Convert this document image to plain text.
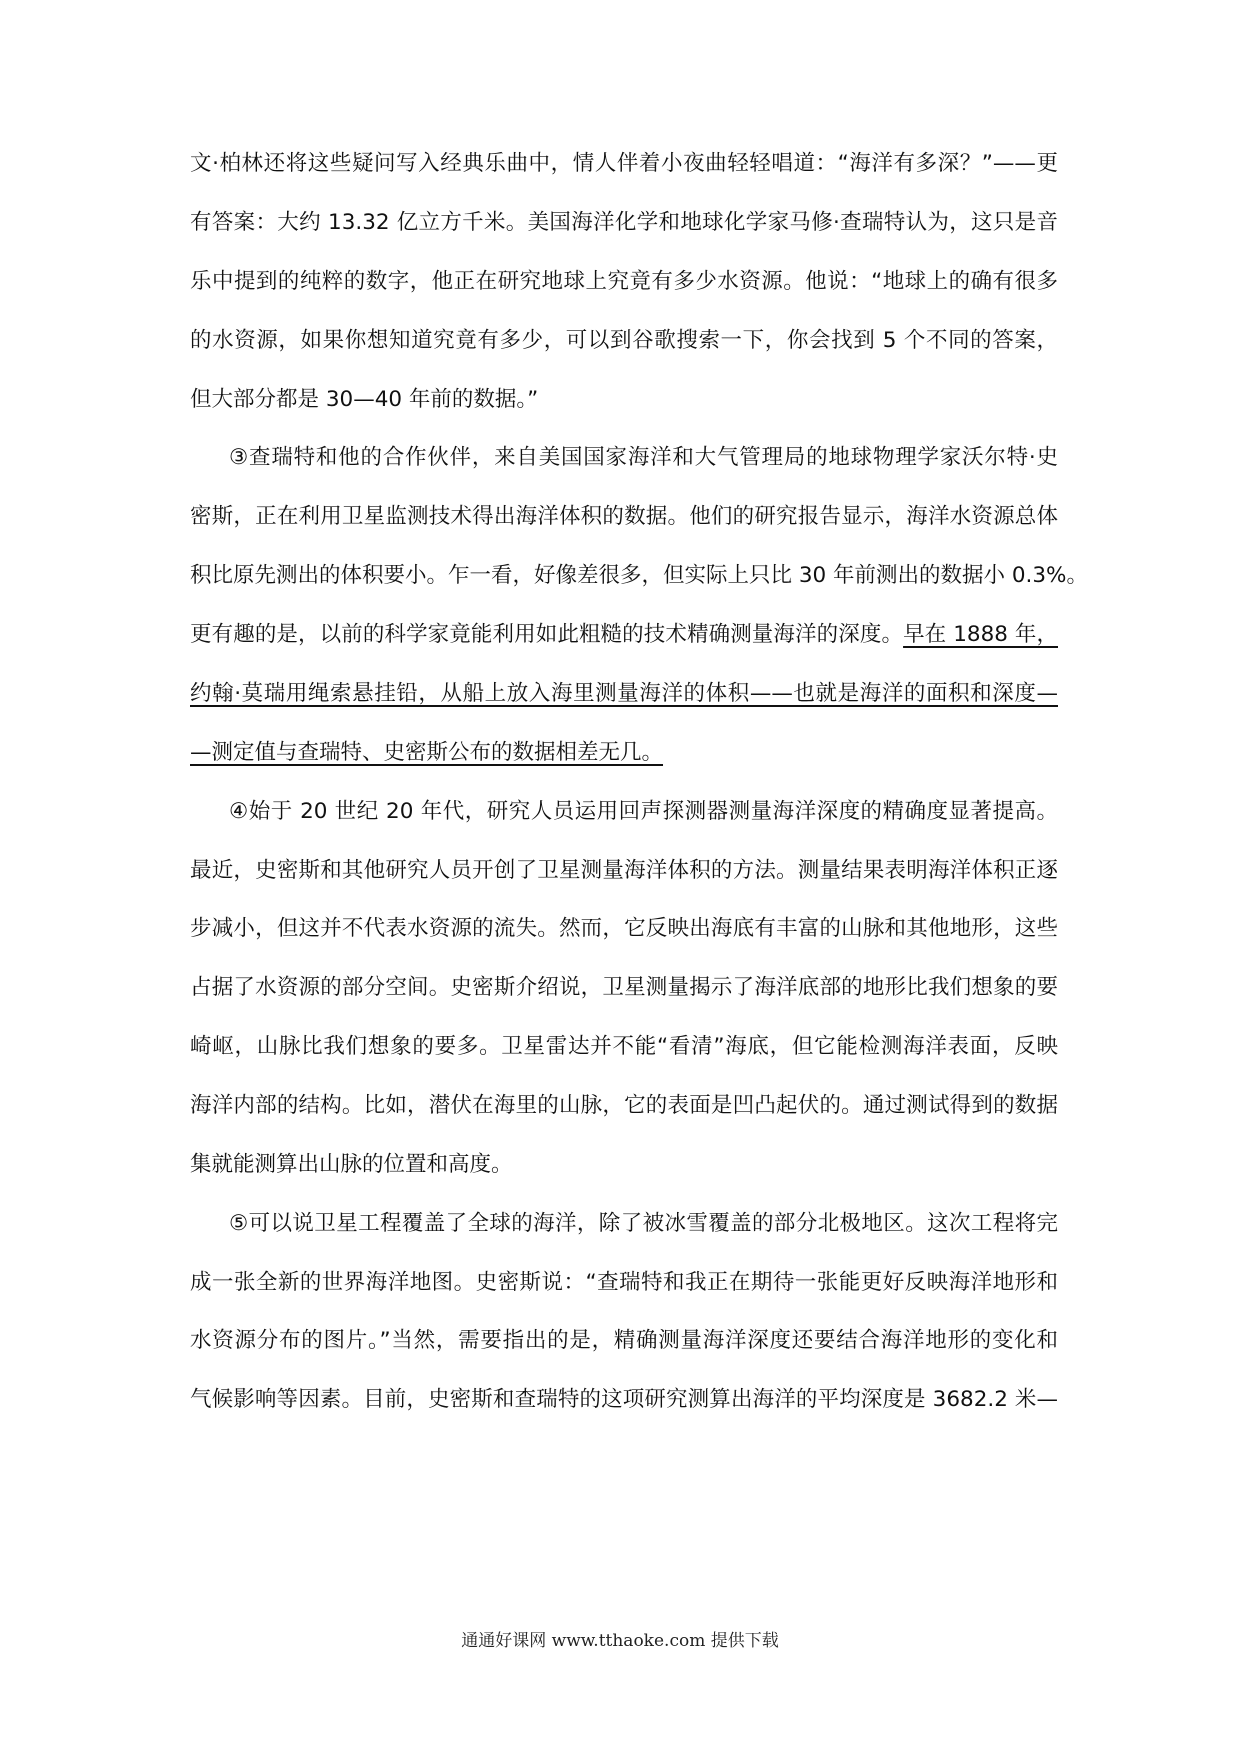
文·柏林还将这些疑问写入经典乐曲中，情人伴着小夜曲轻轻唱道：“海洋有多深？”——更
有答案：大约 13.32 亿立方千米。美国海洋化学和地球化学家马修·查瑞特认为，这只是音
乐中提到的纯粹的数字，他正在研究地球上究竟有多少水资源。他说：“地球上的确有很多
的水资源，如果你想知道究竟有多少，可以到谷歌搜索一下，你会找到 5 个不同的答案，
但大部分都是 30—40 年前的数据。”
③查瑞特和他的合作伙伴，来自美国国家海洋和大气管理局的地球物理学家沃尔特·史
密斯，正在利用卫星监测技术得出海洋体积的数据。他们的研究报告显示，海洋水资源总体
积比原先测出的体积要小。乍一看，好像差很多，但实际上只比 30 年前测出的数据小 0.3%。
更有趣的是，以前的科学家竟能利用如此粗糙的技术精确测量海洋的深度。早在 1888 年，
约翰·莫瑞用绳索悬挂铅，从船上放入海里测量海洋的体积——也就是海洋的面积和深度—
—测定值与查瑞特、史密斯公布的数据相差无几。
④始于 20 世纪 20 年代，研究人员运用回声探测器测量海洋深度的精确度显著提高。
最近，史密斯和其他研究人员开创了卫星测量海洋体积的方法。测量结果表明海洋体积正逐
步减小，但这并不代表水资源的流失。然而，它反映出海底有丰富的山脉和其他地形，这些
占据了水资源的部分空间。史密斯介绍说，卫星测量揭示了海洋底部的地形比我们想象的要
崎岖，山脉比我们想象的要多。卫星雷达并不能“看清”海底，但它能检测海洋表面，反映
海洋内部的结构。比如，潜伏在海里的山脉，它的表面是凹凸起伏的。通过测试得到的数据
集就能测算出山脉的位置和高度。
⑤可以说卫星工程覆盖了全球的海洋，除了被冰雪覆盖的部分北极地区。这次工程将完
成一张全新的世界海洋地图。史密斯说：“查瑞特和我正在期待一张能更好反映海洋地形和
水资源分布的图片。”当然，需要指出的是，精确测量海洋深度还要结合海洋地形的变化和
气候影响等因素。目前，史密斯和查瑞特的这项研究测算出海洋的平均深度是 3682.2 米—
通通好课网 www.tthaoke.com 提供下载
